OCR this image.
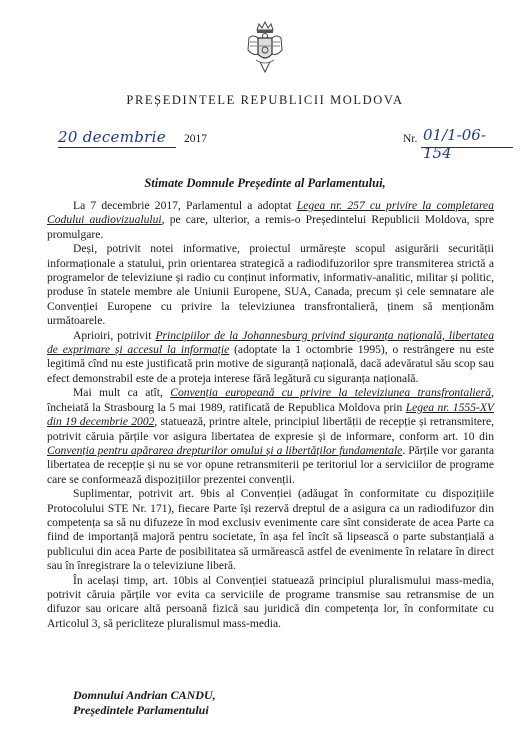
PREȘEDINTELE REPUBLICII MOLDOVA
20 decembrie 2017	Nr. 01/1-06-154
Stimate Domnule Președinte al Parlamentului,

La 7 decembrie 2017, Parlamentul a adoptat Legea nr. 257 cu privire la completarea Codului audiovizualului, pe care, ulterior, a remis-o Președintelui Republicii Moldova, spre promulgare.

Deși, potrivit notei informative, proiectul urmărește scopul asigurării securității informaționale a statului, prin orientarea strategică a radiodifuzorilor spre transmiterea strictă a programelor de televiziune și radio cu conținut informativ, informativ-analitic, militar și politic, produse în statele membre ale Uniunii Europene, SUA, Canada, precum și cele semnatare ale Convenției Europene cu privire la televiziunea transfrontalieră, ținem să menționăm următoarele.

Aprioiri, potrivit Principiilor de la Johannesburg privind siguranța națională, libertatea de exprimare și accesul la informație (adoptate la 1 octombrie 1995), o restrângere nu este legitimă cînd nu este justificată prin motive de siguranță națională, dacă adevăratul său scop sau efect demonstrabil este de a proteja interese fără legătură cu siguranța națională.

Mai mult ca atît, Convenția europeană cu privire la televiziunea transfrontalieră, încheiată la Strasbourg la 5 mai 1989, ratificată de Republica Moldova prin Legea nr. 1555-XV din 19 decembrie 2002, statuează, printre altele, principiul libertății de recepție și retransmitere, potrivit căruia părțile vor asigura libertatea de expresie și de informare, conform art. 10 din Convenția pentru apărarea drepturilor omului și a libertăților fundamentale. Părțile vor garanta libertatea de recepție și nu se vor opune retransmiterii pe teritoriul lor a serviciilor de programe care se conformează dispozițiilor prezentei convenții.

Suplimentar, potrivit art. 9bis al Convenției (adăugat în conformitate cu dispozițiile Protocolului STE Nr. 171), fiecare Parte își rezervă dreptul de a asigura ca un radiodifuzor din competența sa să nu difuzeze în mod exclusiv evenimente care sînt considerate de acea Parte ca fiind de importanță majoră pentru societate, în așa fel încît să lipsească o parte substanțială a publicului din acea Parte de posibilitatea să urmărească astfel de evenimente în relatare în direct sau în înregistrare la o televiziune liberă.

În același timp, art. 10bis al Convenției statuează principiul pluralismului mass-media, potrivit căruia părțile vor evita ca serviciile de programe transmise sau retransmise de un difuzor sau oricare altă persoană fizică sau juridică din competența lor, în conformitate cu Articolul 3, să pericliteze pluralismul mass-media.

Domnului Andrian CANDU,
Președintele Parlamentului
